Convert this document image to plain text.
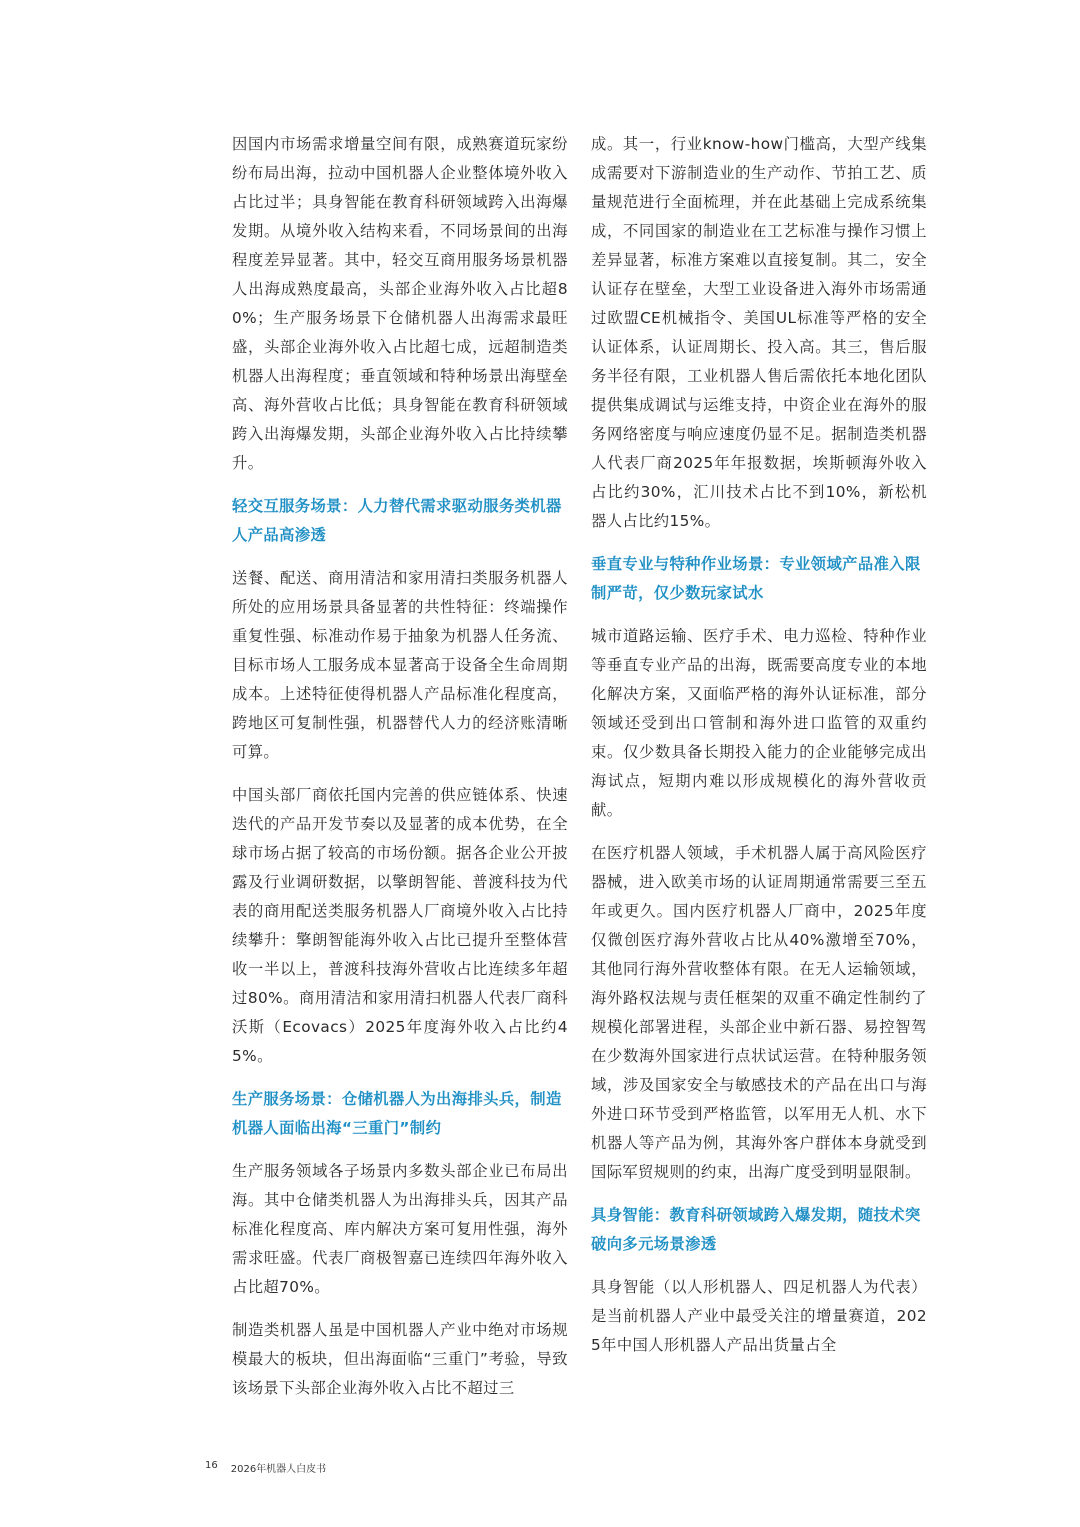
因国内市场需求增量空间有限，成熟赛道玩家纷纷布局出海，拉动中国机器人企业整体境外收入占比过半；具身智能在教育科研领域跨入出海爆发期。从境外收入结构来看，不同场景间的出海程度差异显著。其中，轻交互商用服务场景机器人出海成熟度最高，头部企业海外收入占比超80%；生产服务场景下仓储机器人出海需求最旺盛，头部企业海外收入占比超七成，远超制造类机器人出海程度；垂直领域和特种场景出海壁垒高、海外营收占比低；具身智能在教育科研领域跨入出海爆发期，头部企业海外收入占比持续攀升。

轻交互服务场景：人力替代需求驱动服务类机器人产品高渗透

送餐、配送、商用清洁和家用清扫类服务机器人所处的应用场景具备显著的共性特征：终端操作重复性强、标准动作易于抽象为机器人任务流、目标市场人工服务成本显著高于设备全生命周期成本。上述特征使得机器人产品标准化程度高，跨地区可复制性强，机器替代人力的经济账清晰可算。

中国头部厂商依托国内完善的供应链体系、快速迭代的产品开发节奏以及显著的成本优势，在全球市场占据了较高的市场份额。据各企业公开披露及行业调研数据，以擎朗智能、普渡科技为代表的商用配送类服务机器人厂商境外收入占比持续攀升：擎朗智能海外收入占比已提升至整体营收一半以上，普渡科技海外营收占比连续多年超过80%。商用清洁和家用清扫机器人代表厂商科沃斯（Ecovacs）2025年度海外收入占比约45%。

生产服务场景：仓储机器人为出海排头兵，制造机器人面临出海“三重门”制约

生产服务领域各子场景内多数头部企业已布局出海。其中仓储类机器人为出海排头兵，因其产品标准化程度高、库内解决方案可复用性强，海外需求旺盛。代表厂商极智嘉已连续四年海外收入占比超70%。

制造类机器人虽是中国机器人产业中绝对市场规模最大的板块，但出海面临“三重门”考验，导致该场景下头部企业海外收入占比不超过三

成。其一，行业know-how门槛高，大型产线集成需要对下游制造业的生产动作、节拍工艺、质量规范进行全面梳理，并在此基础上完成系统集成，不同国家的制造业在工艺标准与操作习惯上差异显著，标准方案难以直接复制。其二，安全认证存在壁垒，大型工业设备进入海外市场需通过欧盟CE机械指令、美国UL标准等严格的安全认证体系，认证周期长、投入高。其三，售后服务半径有限，工业机器人售后需依托本地化团队提供集成调试与运维支持，中资企业在海外的服务网络密度与响应速度仍显不足。据制造类机器人代表厂商2025年年报数据，埃斯顿海外收入占比约30%，汇川技术占比不到10%，新松机器人占比约15%。

垂直专业与特种作业场景：专业领域产品准入限制严苛，仅少数玩家试水

城市道路运输、医疗手术、电力巡检、特种作业等垂直专业产品的出海，既需要高度专业的本地化解决方案，又面临严格的海外认证标准，部分领域还受到出口管制和海外进口监管的双重约束。仅少数具备长期投入能力的企业能够完成出海试点，短期内难以形成规模化的海外营收贡献。

在医疗机器人领域，手术机器人属于高风险医疗器械，进入欧美市场的认证周期通常需要三至五年或更久。国内医疗机器人厂商中，2025年度仅微创医疗海外营收占比从40%激增至70%，其他同行海外营收整体有限。在无人运输领域，海外路权法规与责任框架的双重不确定性制约了规模化部署进程，头部企业中新石器、易控智驾在少数海外国家进行点状试运营。在特种服务领域，涉及国家安全与敏感技术的产品在出口与海外进口环节受到严格监管，以军用无人机、水下机器人等产品为例，其海外客户群体本身就受到国际军贸规则的约束，出海广度受到明显限制。

具身智能：教育科研领域跨入爆发期，随技术突破向多元场景渗透

具身智能（以人形机器人、四足机器人为代表）是当前机器人产业中最受关注的增量赛道，2025年中国人形机器人产品出货量占全

16 2026年机器人白皮书
